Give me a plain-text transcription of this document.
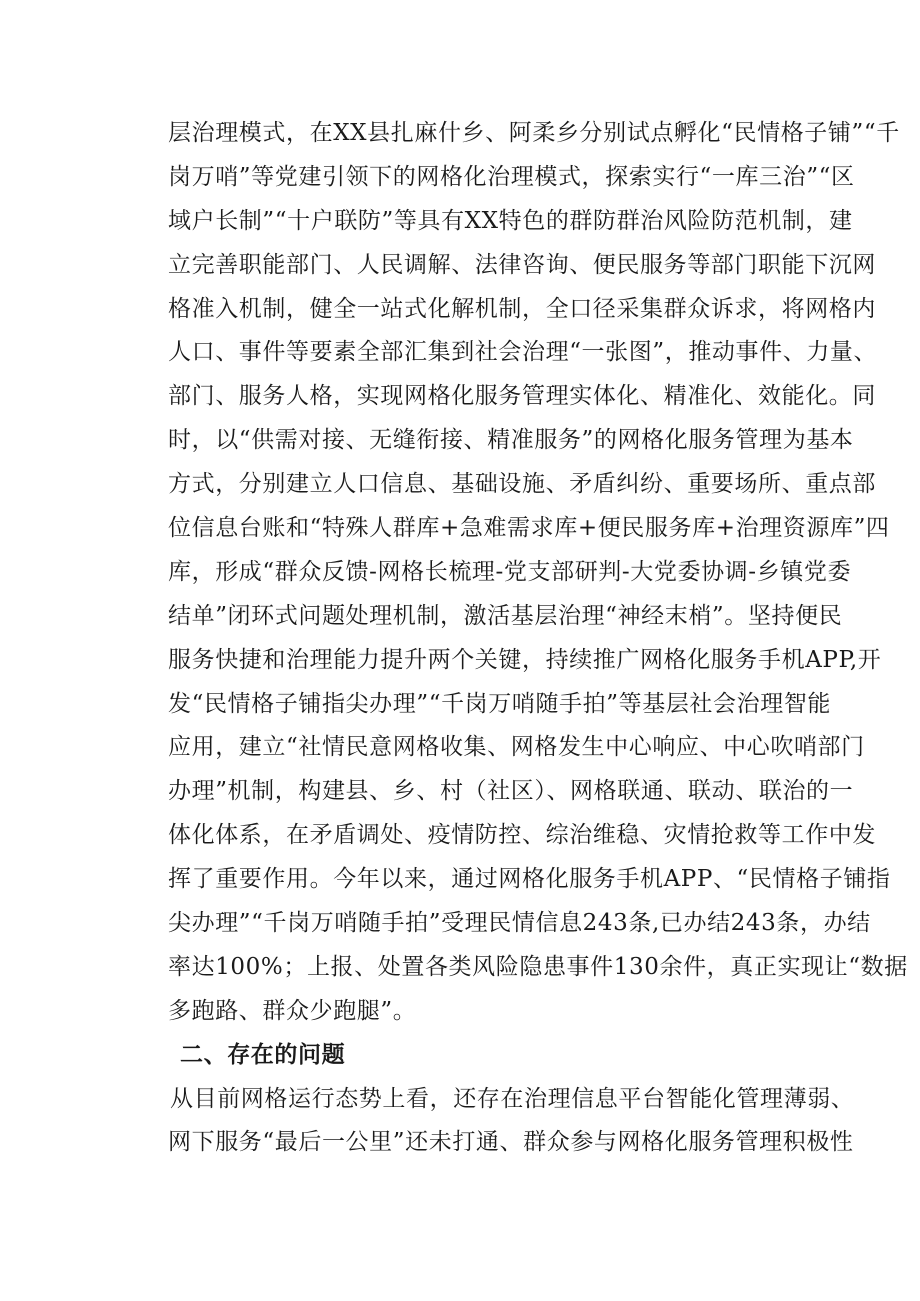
层治理模式，在XX县扎麻什乡、阿柔乡分别试点孵化“民情格子铺”“千
岗万哨”等党建引领下的网格化治理模式，探索实行“一库三治”“区
域户长制”“十户联防”等具有XX特色的群防群治风险防范机制，建
立完善职能部门、人民调解、法律咨询、便民服务等部门职能下沉网
格准入机制，健全一站式化解机制，全口径采集群众诉求，将网格内
人口、事件等要素全部汇集到社会治理“一张图”，推动事件、力量、
部门、服务人格，实现网格化服务管理实体化、精准化、效能化。同
时，以“供需对接、无缝衔接、精准服务”的网格化服务管理为基本
方式，分别建立人口信息、基础设施、矛盾纠纷、重要场所、重点部
位信息台账和“特殊人群库+急难需求库+便民服务库+治理资源库”四
库，形成“群众反馈-网格长梳理-党支部研判-大党委协调-乡镇党委
结单”闭环式问题处理机制，激活基层治理“神经末梢”。坚持便民
服务快捷和治理能力提升两个关键，持续推广网格化服务手机APP,开
发“民情格子铺指尖办理”“千岗万哨随手拍”等基层社会治理智能
应用，建立“社情民意网格收集、网格发生中心响应、中心吹哨部门
办理”机制，构建县、乡、村（社区）、网格联通、联动、联治的一
体化体系，在矛盾调处、疫情防控、综治维稳、灾情抢救等工作中发
挥了重要作用。今年以来，通过网格化服务手机APP、“民情格子铺指
尖办理”“千岗万哨随手拍”受理民情信息243条,已办结243条，办结
率达100%；上报、处置各类风险隐患事件130余件，真正实现让“数据
多跑路、群众少跑腿”。
二、存在的问题
从目前网格运行态势上看，还存在治理信息平台智能化管理薄弱、
网下服务“最后一公里”还未打通、群众参与网格化服务管理积极性
